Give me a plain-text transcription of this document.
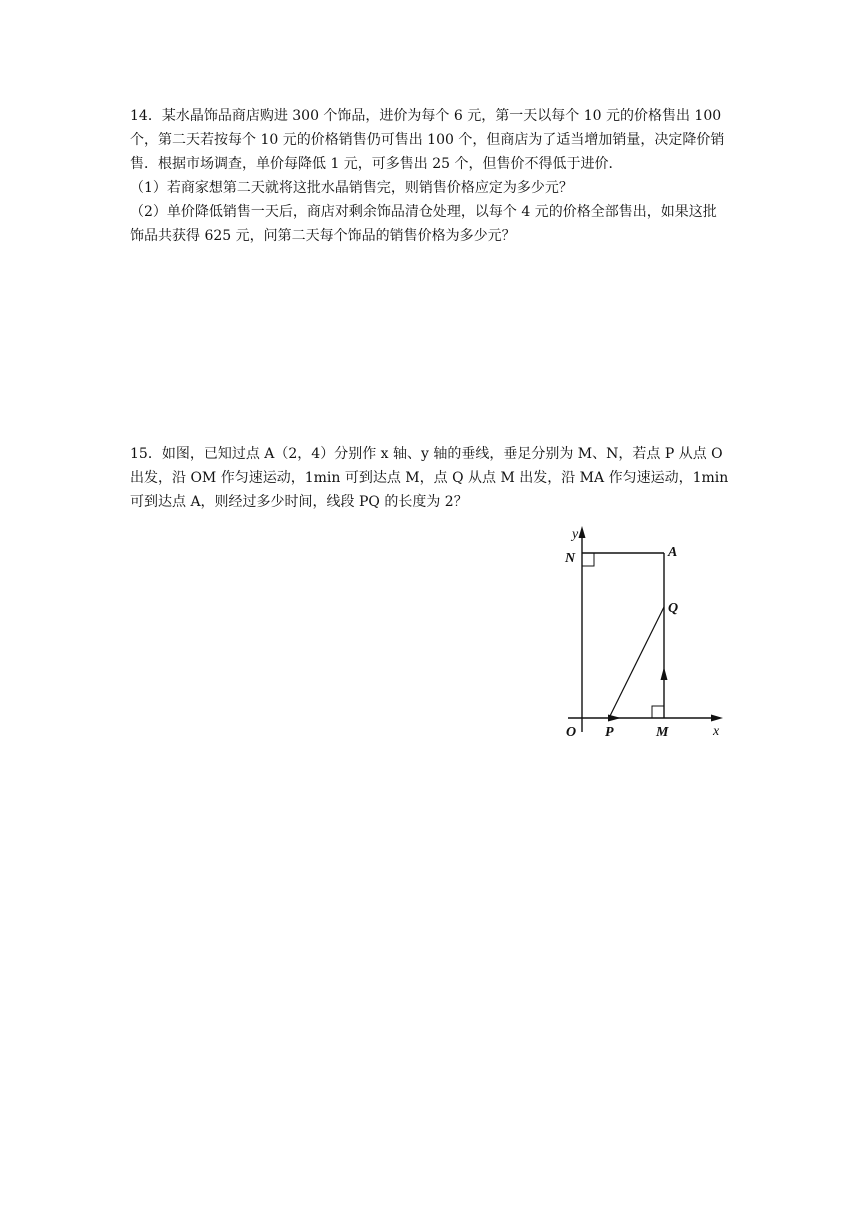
14．某水晶饰品商店购进 300 个饰品，进价为每个 6 元，第一天以每个 10 元的价格售出 100 个，第二天若按每个 10 元的价格销售仍可售出 100 个，但商店为了适当增加销量，决定降价销售．根据市场调查，单价每降低 1 元，可多售出 25 个，但售价不得低于进价．

（1）若商家想第二天就将这批水晶销售完，则销售价格应定为多少元？

（2）单价降低销售一天后，商店对剩余饰品清仓处理，以每个 4 元的价格全部售出，如果这批饰品共获得 625 元，问第二天每个饰品的销售价格为多少元？

15．如图，已知过点 A（2，4）分别作 x 轴、y 轴的垂线，垂足分别为 M、N，若点 P 从点 O 出发，沿 OM 作匀速运动，1min 可到达点 M，点 Q 从点 M 出发，沿 MA 作匀速运动，1min 可到达点 A，则经过多少时间，线段 PQ 的长度为 2？

y
x
N	A
Q
O P	M
